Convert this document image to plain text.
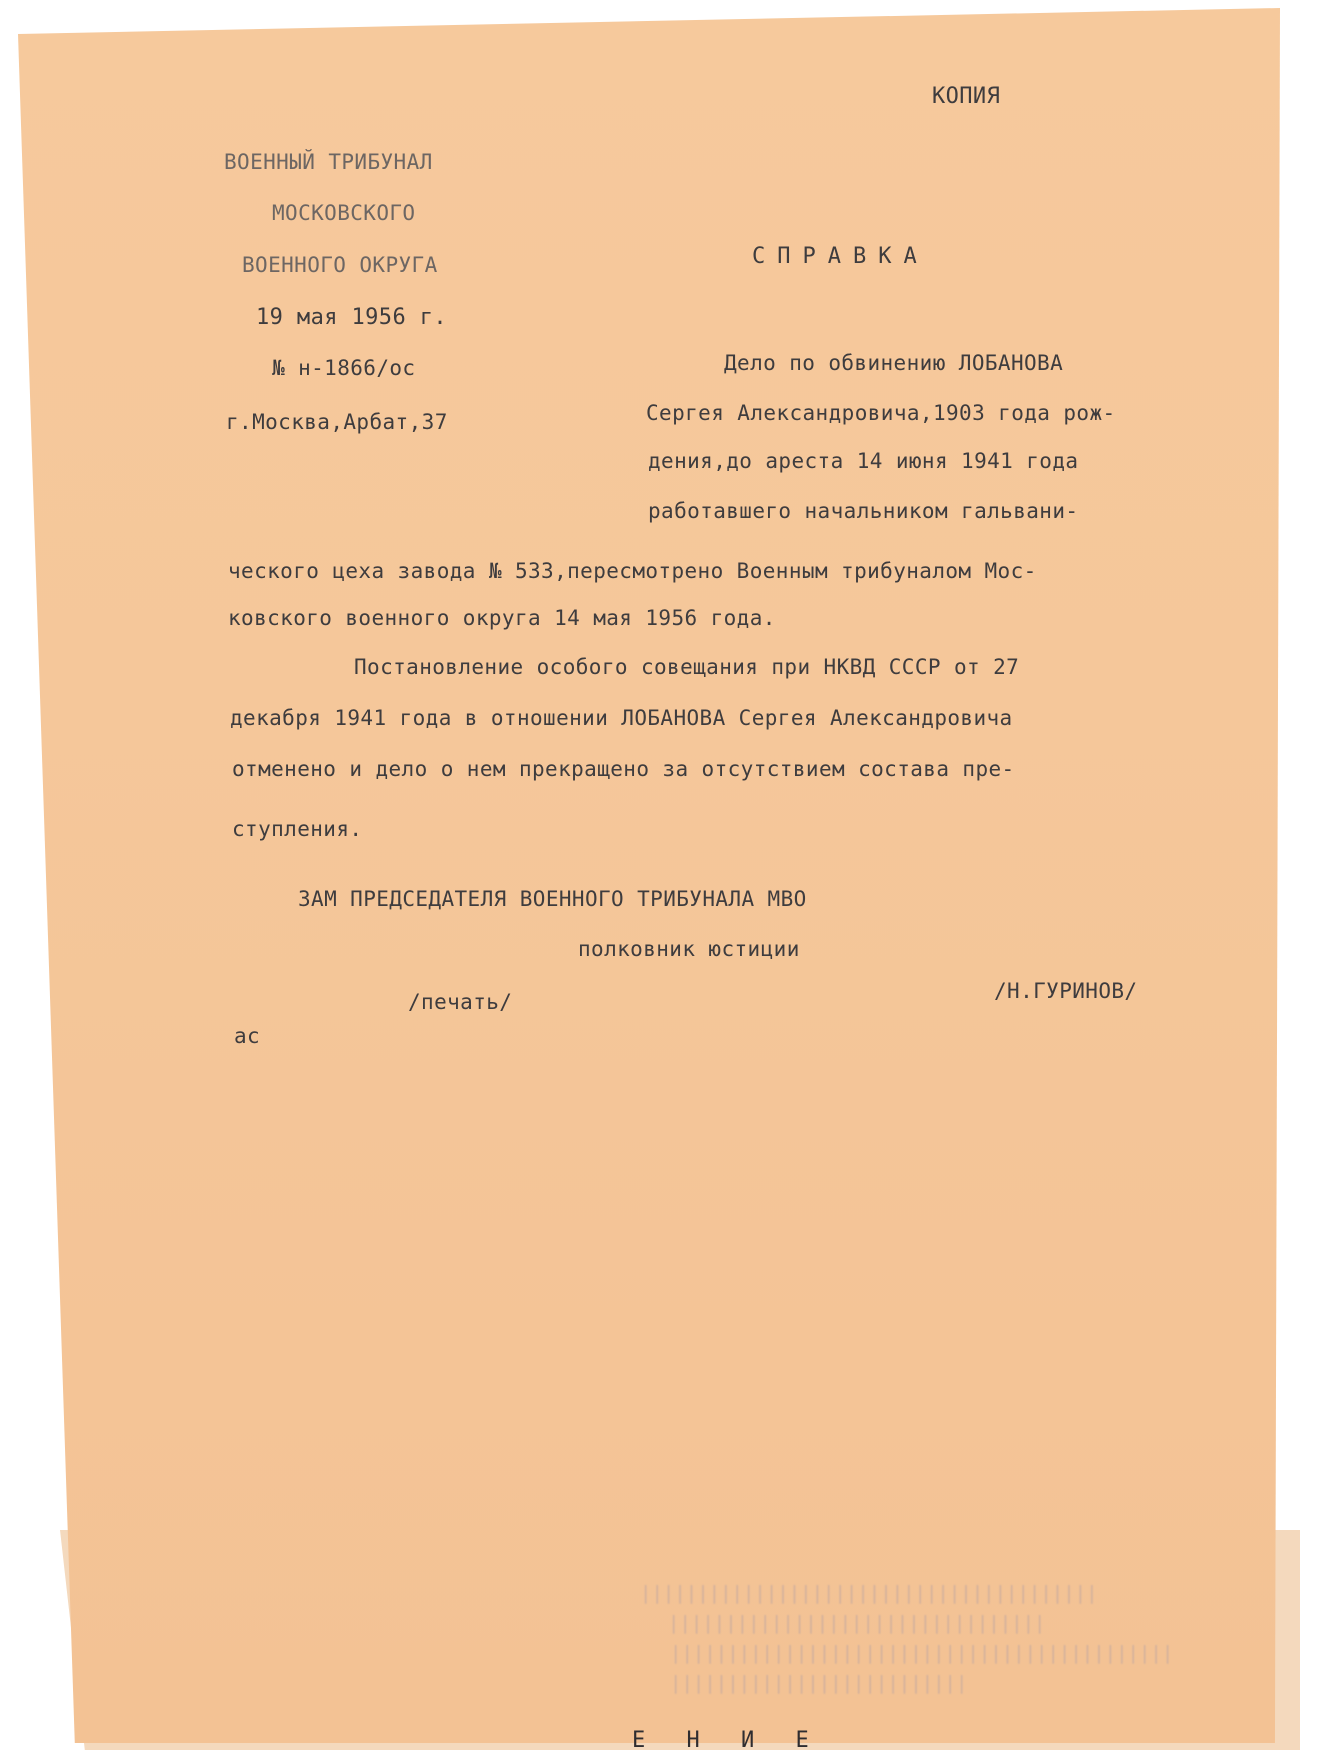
КОПИЯ
ВОЕННЫЙ ТРИБУНАЛ
МОСКОВСКОГО
ВОЕННОГО ОКРУГА
19 мая 1956 г.
№ н-1866/ос
г.Москва,Арбат,37
СПРАВКА
Дело по обвинению ЛОБАНОВА
Сергея Александровича,1903 года рож-
дения,до ареста 14 июня 1941 года
работавшего начальником гальвани-
ческого цеха завода № 533,пересмотрено Военным трибуналом Мос-
ковского военного округа 14 мая 1956 года.
Постановление особого совещания при НКВД СССР от 27
декабря 1941 года в отношении ЛОБАНОВА Сергея Александровича
отменено и дело о нем прекращено за отсутствием состава пре-
ступления.
ЗАМ ПРЕДСЕДАТЕЛЯ ВОЕННОГО ТРИБУНАЛА МВО
полковник юстиции
/печать/	/Н.ГУРИНОВ/
ас
||||||||||||||||||||||||||||||||||||||||
|||||||||||||||||||||||||||||||||
||||||||||||||||||||||||||||||||||||||||||||
||||||||||||||||||||||||||
Е Н И Е
